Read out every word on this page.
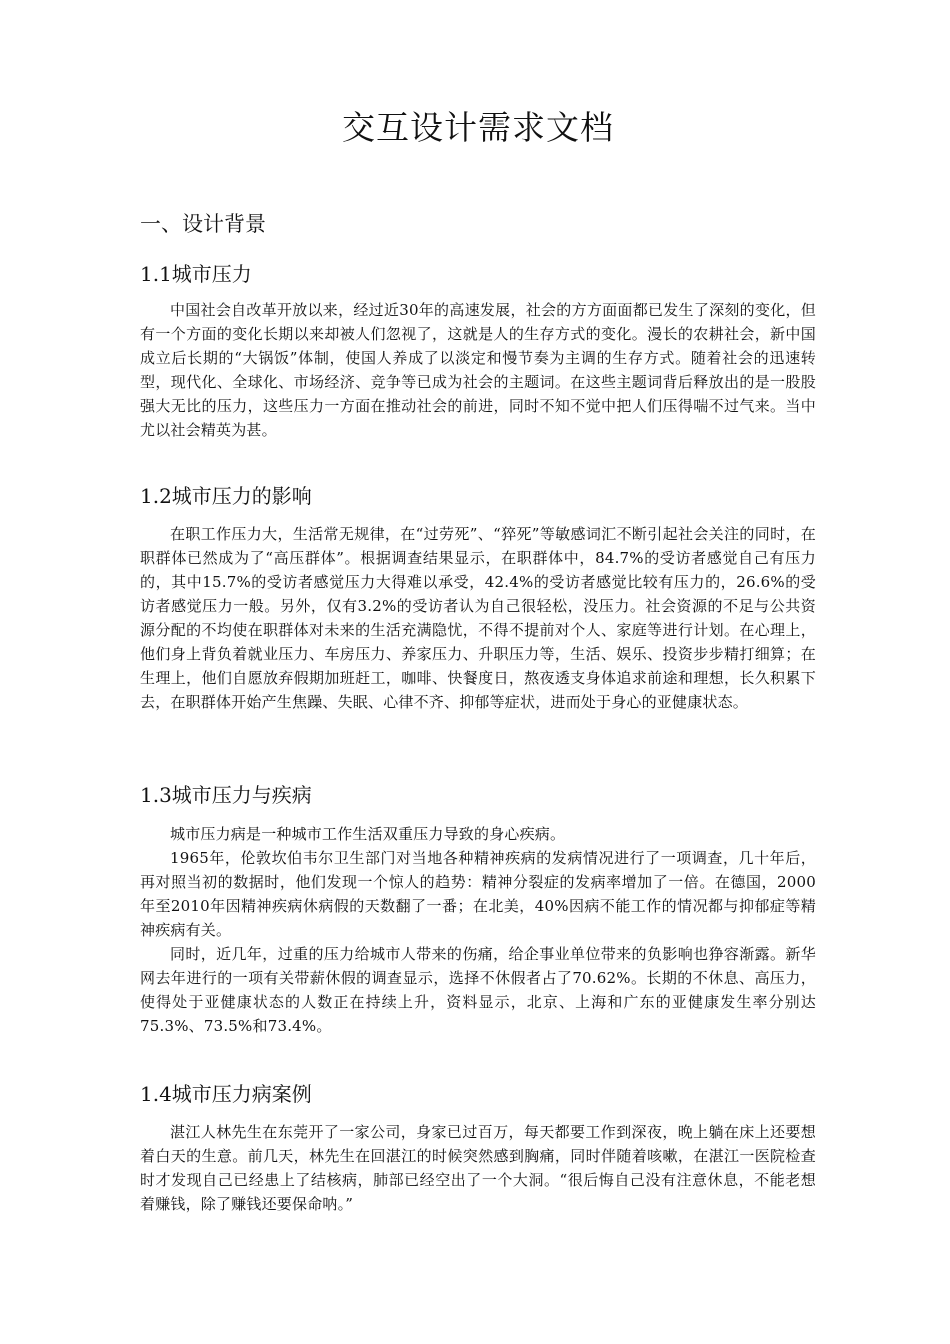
交互设计需求文档
一、设计背景
1.1城市压力

中国社会自改革开放以来，经过近30年的高速发展，社会的方方面面都已发生了深刻的变化，但有一个方面的变化长期以来却被人们忽视了，这就是人的生存方式的变化。漫长的农耕社会，新中国成立后长期的“大锅饭”体制，使国人养成了以淡定和慢节奏为主调的生存方式。随着社会的迅速转型，现代化、全球化、市场经济、竞争等已成为社会的主题词。在这些主题词背后释放出的是一股股强大无比的压力，这些压力一方面在推动社会的前进，同时不知不觉中把人们压得喘不过气来。当中尤以社会精英为甚。

1.2城市压力的影响

在职工作压力大，生活常无规律，在“过劳死”、“猝死”等敏感词汇不断引起社会关注的同时，在职群体已然成为了“高压群体”。根据调查结果显示，在职群体中，84.7%的受访者感觉自己有压力的，其中15.7%的受访者感觉压力大得难以承受，42.4%的受访者感觉比较有压力的，26.6%的受访者感觉压力一般。另外，仅有3.2%的受访者认为自己很轻松，没压力。社会资源的不足与公共资源分配的不均使在职群体对未来的生活充满隐忧，不得不提前对个人、家庭等进行计划。在心理上，他们身上背负着就业压力、车房压力、养家压力、升职压力等，生活、娱乐、投资步步精打细算；在生理上，他们自愿放弃假期加班赶工，咖啡、快餐度日，熬夜透支身体追求前途和理想，长久积累下去，在职群体开始产生焦躁、失眠、心律不齐、抑郁等症状，进而处于身心的亚健康状态。

1.3城市压力与疾病

城市压力病是一种城市工作生活双重压力导致的身心疾病。

1965年，伦敦坎伯韦尔卫生部门对当地各种精神疾病的发病情况进行了一项调查，几十年后，再对照当初的数据时，他们发现一个惊人的趋势：精神分裂症的发病率增加了一倍。在德国，2000年至2010年因精神疾病休病假的天数翻了一番；在北美，40%因病不能工作的情况都与抑郁症等精神疾病有关。

同时，近几年，过重的压力给城市人带来的伤痛，给企事业单位带来的负影响也狰容渐露。新华网去年进行的一项有关带薪休假的调查显示，选择不休假者占了70.62%。长期的不休息、高压力，使得处于亚健康状态的人数正在持续上升，资料显示，北京、上海和广东的亚健康发生率分别达75.3%、73.5%和73.4%。

1.4城市压力病案例

湛江人林先生在东莞开了一家公司，身家已过百万，每天都要工作到深夜，晚上躺在床上还要想着白天的生意。前几天，林先生在回湛江的时候突然感到胸痛，同时伴随着咳嗽，在湛江一医院检查时才发现自己已经患上了结核病，肺部已经空出了一个大洞。“很后悔自己没有注意休息，不能老想着赚钱，除了赚钱还要保命呐。”
